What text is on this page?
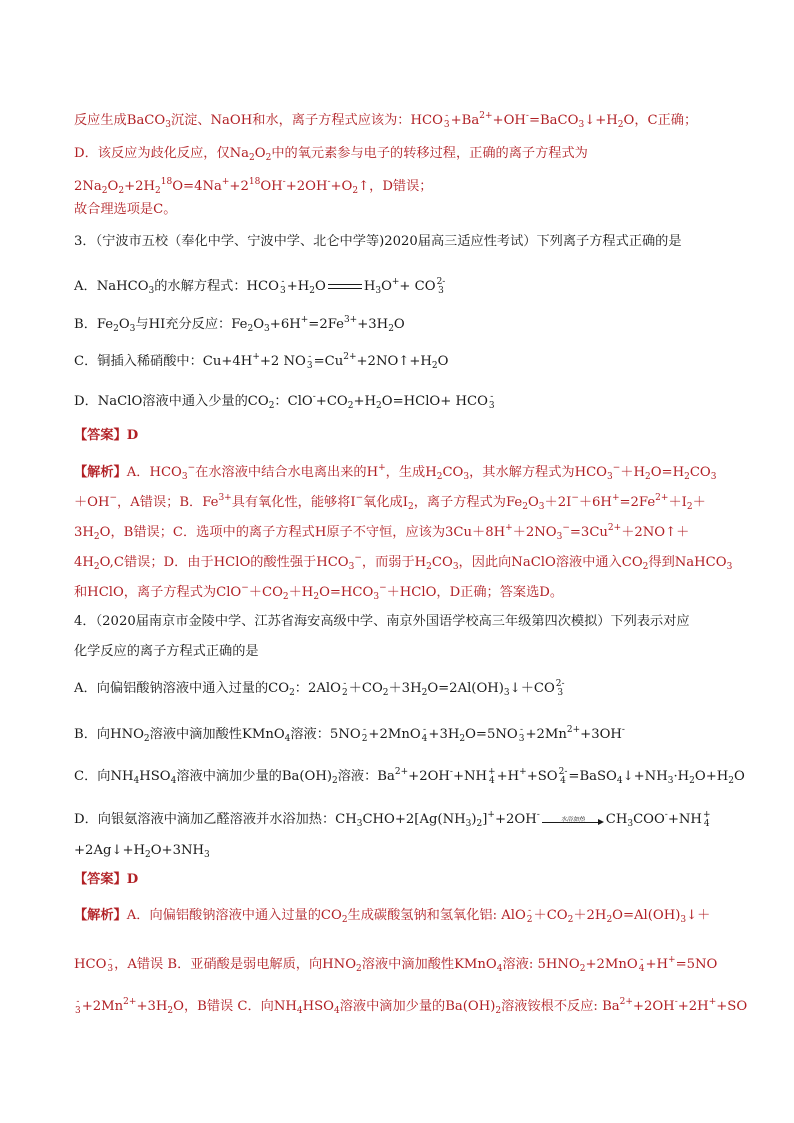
反应生成BaCO$_3$沉淀、NaOH和水，离子方程式应该为：HCO -
$3 +Ba^{2+}+OH^-=BaCO_3↓+H_2O$，C正确；
D．该反应为歧化反应，仅$Na_2O_2$中的氧元素参与电子的转移过程，正确的离子方程式为
$2Na_2O_2+2H_2^{18}O=4Na^++2^{18}OH^-+2OH^-+O_2↑$，D错误；
故合理选项是C。
3．（宁波市五校（奉化中学、宁波中学、北仑中学等)2020届高三适应性考试）下列离子方程式正确的是
A．NaHCO$_3$的水解方程式：HCO -
$3 +H_2O$	$H_3O^++$ CO 2-
3
B．$Fe_2O_3$与HI充分反应：$Fe_2O_3+6H^+=2Fe^{3+}+3H_2O$
C．铜插入稀硝酸中：Cu+4H++2 NO -
$3 =Cu^{2+}+2NO↑+H_2O$
D．NaClO溶液中通入少量的$CO_2$：$ClO^-+CO_2+H_2O=HClO+$ HCO -
3
【答案】D
【解析】A．$HCO_3^-$在水溶液中结合水电离出来的H+，生成$H_2CO_3$，其水解方程式为$HCO_3^-+H_2O=H_2CO_3$
＋OH−，A错误；B．$Fe^{3+}$具有氧化性，能够将I−氧化成$I_2$，离子方程式为$Fe_2O_3+2I^-+6H^+=2Fe^{2+}+I_2+$
$3H_2O$，B错误；C．选项中的离子方程式H原子不守恒，应该为$3Cu+8H^++2NO_3^-=3Cu^{2+}+2NO↑+$
$4H_2O,C$错误；D．由于HClO的酸性强于$HCO_3^-$，而弱于$H_2CO_3$，因此向NaClO溶液中通入$CO_2$得到NaHCO$_3$
和HClO，离子方程式为$ClO^-+CO_2+H_2O=HCO_3^-+HClO$，D正确；答案选D。
4．（2020届南京市金陵中学、江苏省海安高级中学、南京外国语学校高三年级第四次模拟）下列表示对应
化学反应的离子方程式正确的是
A．向偏铝酸钠溶液中通入过量的$CO_2$：2AlO -
$2 +CO_2+3H_2O=2Al(OH)_3↓+CO$ 2-
3
B．向$HNO_2$溶液中滴加酸性KMnO$_4$溶液：5NO -
2 +2MnO -
$4 +3H_2O=5NO$ -
$3 +2Mn^{2+}+3OH^-$
C．向$NH_4HSO_4$溶液中滴加少量的$Ba(OH)_2$溶液：$Ba^{2+}+2OH^-+NH$ +
4 +H++SO 2-
$4 =BaSO_4↓+NH_3\cdot H_2O+H_2O$
D．向银氨溶液中滴加乙醛溶液并水浴加热：$CH_3CHO+2[Ag(NH_3)_2]^++2OH^-$	水浴加热	$CH_3COO^-+NH$ +
4
$+2Ag↓+H_2O+3NH_3$
【答案】D
【解析】A．向偏铝酸钠溶液中通入过量的$CO_2$生成碳酸氢钠和氢氧化铝: AlO -
$2 +CO_2+2H_2O=Al(OH)_3↓+$
HCO -
3 ，A错误 B．亚硝酸是弱电解质，向$HNO_2$溶液中滴加酸性KMnO$_4$溶液: $5HNO_2+2MnO$ -
4 +H+=5NO
-
$3 +2Mn^{2+}+3H_2O$，B错误 C．向$NH_4HSO_4$溶液中滴加少量的$Ba(OH)_2$溶液铵根不反应: $Ba^{2+}+2OH^-+2H^++SO$
